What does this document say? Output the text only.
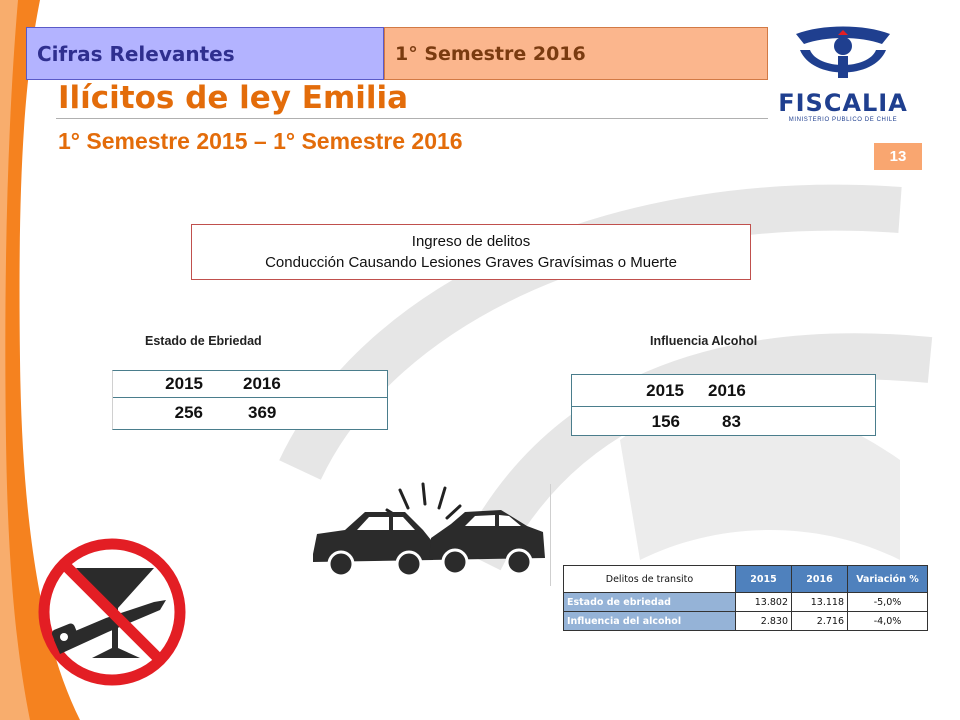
Cifras Relevantes	1° Semestre 2016
FISCALIA
MINISTERIO PUBLICO DE CHILE
Ilícitos de ley Emilia
1° Semestre 2015 – 1° Semestre 2016
13
Ingreso de delitos
Conducción Causando Lesiones Graves Gravísimas o Muerte
Estado de Ebriedad
2015 2016
256	369
Influencia Alcohol
2015 2016
156 83
Delitos de transito	2015	2016	Variación %
Estado de ebriedad	13.802	13.118	-5,0%
Influencia del alcohol	2.830	2.716	-4,0%
